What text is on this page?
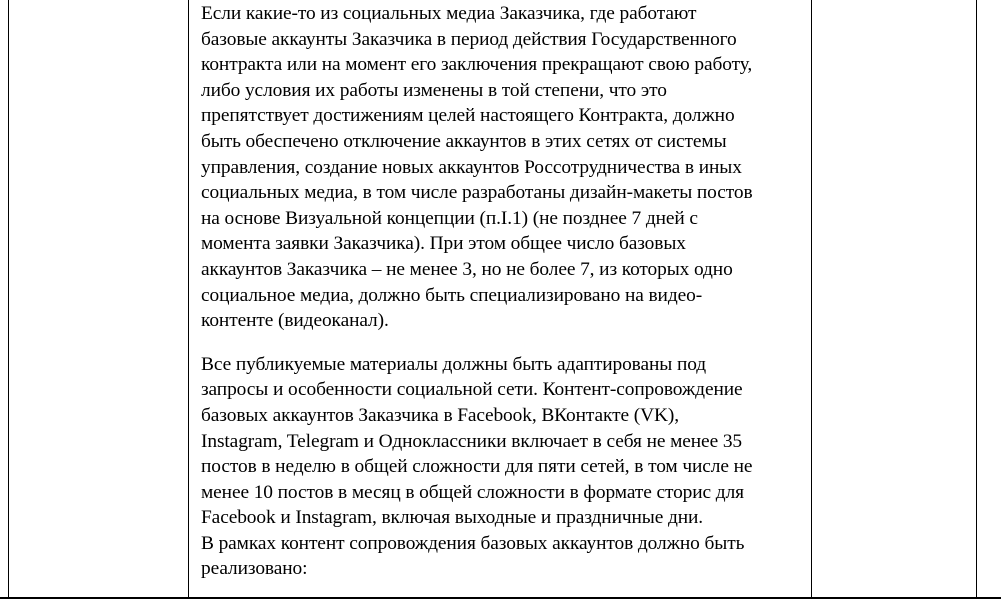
Если какие-то из социальных медиа Заказчика, где работают
базовые аккаунты Заказчика в период действия Государственного
контракта или на момент его заключения прекращают свою работу,
либо условия их работы изменены в той степени, что это
препятствует достижениям целей настоящего Контракта, должно
быть обеспечено отключение аккаунтов в этих сетях от системы
управления, создание новых аккаунтов Россотрудничества в иных
социальных медиа, в том числе разработаны дизайн-макеты постов
на основе Визуальной концепции (п.I.1) (не позднее 7 дней с
момента заявки Заказчика). При этом общее число базовых
аккаунтов Заказчика – не менее 3, но не более 7, из которых одно
социальное медиа, должно быть специализировано на видео-
контенте (видеоканал).
Все публикуемые материалы должны быть адаптированы под
запросы и особенности социальной сети. Контент-сопровождение
базовых аккаунтов Заказчика в Facebook, ВКонтакте (VK),
Instagram, Telegram и Одноклассники включает в себя не менее 35
постов в неделю в общей сложности для пяти сетей, в том числе не
менее 10 постов в месяц в общей сложности в формате сторис для
Facebook и Instagram, включая выходные и праздничные дни.
В рамках контент сопровождения базовых аккаунтов должно быть
реализовано:
